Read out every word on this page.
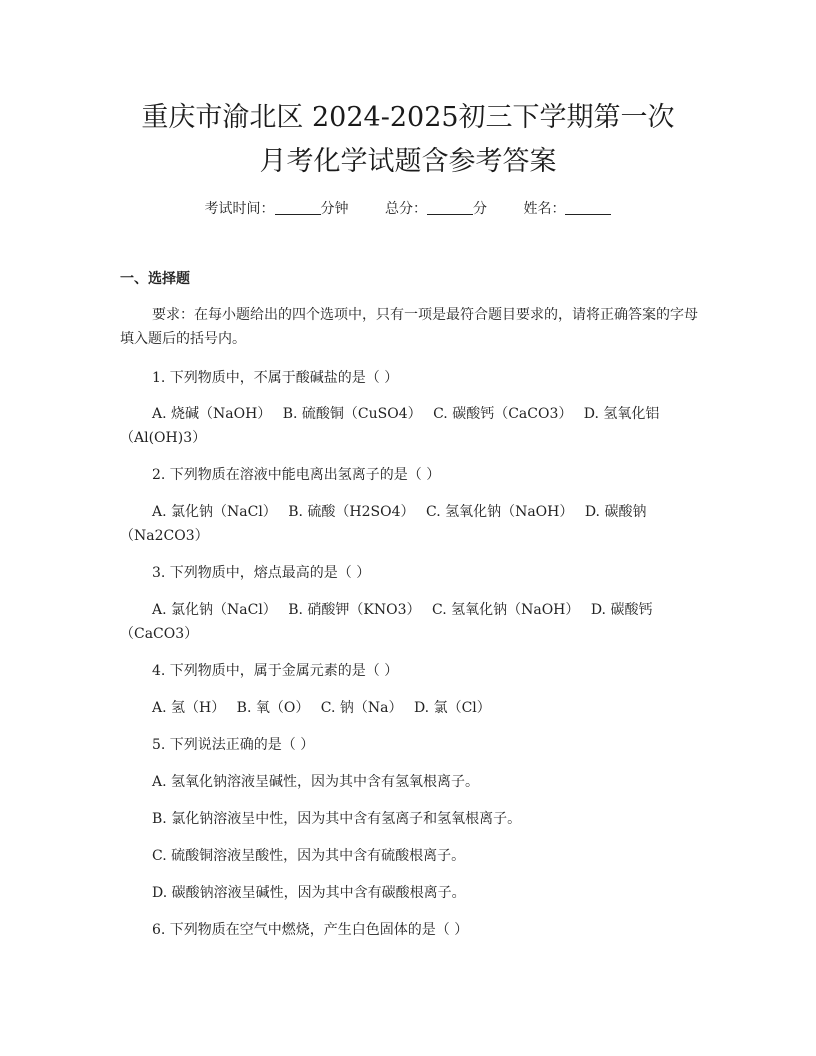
重庆市渝北区 2024-2025初三下学期第一次
月考化学试题含参考答案
考试时间：	分钟	总分：	分	姓名：
一、选择题
要求：在每小题给出的四个选项中，只有一项是最符合题目要求的，请将正确答案的字母填入题后的括号内。
1. 下列物质中，不属于酸碱盐的是（ ）
A. 烧碱（NaOH）　 B. 硫酸铜（CuSO4）　 C. 碳酸钙（CaCO3）　 D. 氢氧化铝（Al(OH)3）
2. 下列物质在溶液中能电离出氢离子的是（ ）
A. 氯化钠（NaCl）　 B. 硫酸（H2SO4）　 C. 氢氧化钠（NaOH）　 D. 碳酸钠（Na2CO3）
3. 下列物质中，熔点最高的是（ ）
A. 氯化钠（NaCl）　 B. 硝酸钾（KNO3）　 C. 氢氧化钠（NaOH）　 D. 碳酸钙（CaCO3）
4. 下列物质中，属于金属元素的是（ ）
A. 氢（H）　 B. 氧（O）　 C. 钠（Na）　 D. 氯（Cl）
5. 下列说法正确的是（ ）
A. 氢氧化钠溶液呈碱性，因为其中含有氢氧根离子。
B. 氯化钠溶液呈中性，因为其中含有氢离子和氢氧根离子。
C. 硫酸铜溶液呈酸性，因为其中含有硫酸根离子。
D. 碳酸钠溶液呈碱性，因为其中含有碳酸根离子。
6. 下列物质在空气中燃烧，产生白色固体的是（ ）
